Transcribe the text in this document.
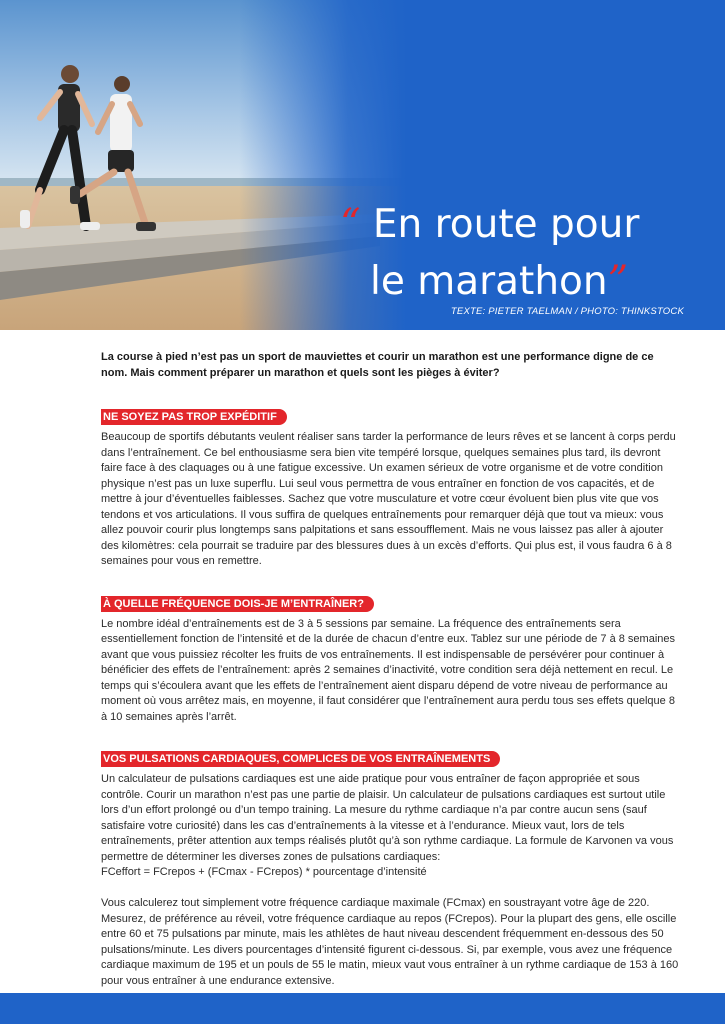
“ En route pour
le marathon”
TEXTE: PIETER TAELMAN / PHOTO: THINKSTOCK

La course à pied n’est pas un sport de mauviettes et courir un marathon est une performance digne de ce nom. Mais comment préparer un marathon et quels sont les pièges à éviter?

NE SOYEZ PAS TROP EXPÉDITIF

Beaucoup de sportifs débutants veulent réaliser sans tarder la performance de leurs rêves et se lancent à corps perdu dans l’entraînement. Ce bel enthousiasme sera bien vite tempéré lorsque, quelques semaines plus tard, ils devront faire face à des claquages ou à une fatigue excessive. Un examen sérieux de votre organisme et de votre condition physique n’est pas un luxe superflu. Lui seul vous permettra de vous entraîner en fonction de vos capacités, et de mettre à jour d’éventuelles faiblesses. Sachez que votre musculature et votre cœur évoluent bien plus vite que vos tendons et vos articulations. Il vous suffira de quelques entraînements pour remarquer déjà que tout va mieux: vous allez pouvoir courir plus longtemps sans palpitations et sans essoufflement. Mais ne vous laissez pas aller à ajouter des kilomètres: cela pourrait se traduire par des blessures dues à un excès d’efforts. Qui plus est, il vous faudra 6 à 8 semaines pour vous en remettre.

À QUELLE FRÉQUENCE DOIS-JE M’ENTRAÎNER?

Le nombre idéal d’entraînements est de 3 à 5 sessions par semaine. La fréquence des entraînements sera essentiellement fonction de l’intensité et de la durée de chacun d’entre eux. Tablez sur une période de 7 à 8 semaines avant que vous puissiez récolter les fruits de vos entraînements. Il est indispensable de persévérer pour continuer à bénéficier des effets de l’entraînement: après 2 semaines d’inactivité, votre condition sera déjà nettement en recul. Le temps qui s’écoulera avant que les effets de l’entraînement aient disparu dépend de votre niveau de performance au moment où vous arrêtez mais, en moyenne, il faut considérer que l’entraînement aura perdu tous ses effets quelque 8 à 10 semaines après l’arrêt.

VOS PULSATIONS CARDIAQUES, COMPLICES DE VOS ENTRAÎNEMENTS

Un calculateur de pulsations cardiaques est une aide pratique pour vous entraîner de façon appropriée et sous contrôle. Courir un marathon n’est pas une partie de plaisir. Un calculateur de pulsations cardiaques est surtout utile lors d’un effort prolongé ou d’un tempo training. La mesure du rythme cardiaque n’a par contre aucun sens (sauf satisfaire votre curiosité) dans les cas d’entraînements à la vitesse et à l’endurance. Mieux vaut, lors de tels entraînements, prêter attention aux temps réalisés plutôt qu’à son rythme cardiaque. La formule de Karvonen va vous permettre de déterminer les diverses zones de pulsations cardiaques:

FCeffort = FCrepos + (FCmax - FCrepos) * pourcentage d’intensité

Vous calculerez tout simplement votre fréquence cardiaque maximale (FCmax) en soustrayant votre âge de 220. Mesurez, de préférence au réveil, votre fréquence cardiaque au repos (FCrepos). Pour la plupart des gens, elle oscille entre 60 et 75 pulsations par minute, mais les athlètes de haut niveau descendent fréquemment en-dessous des 50 pulsations/minute. Les divers pourcentages d’intensité figurent ci-dessous. Si, par exemple, vous avez une fréquence cardiaque maximum de 195 et un pouls de 55 le matin, mieux vaut vous entraîner à un rythme cardiaque de 153 à 160 pour vous entraîner à une endurance extensive.
